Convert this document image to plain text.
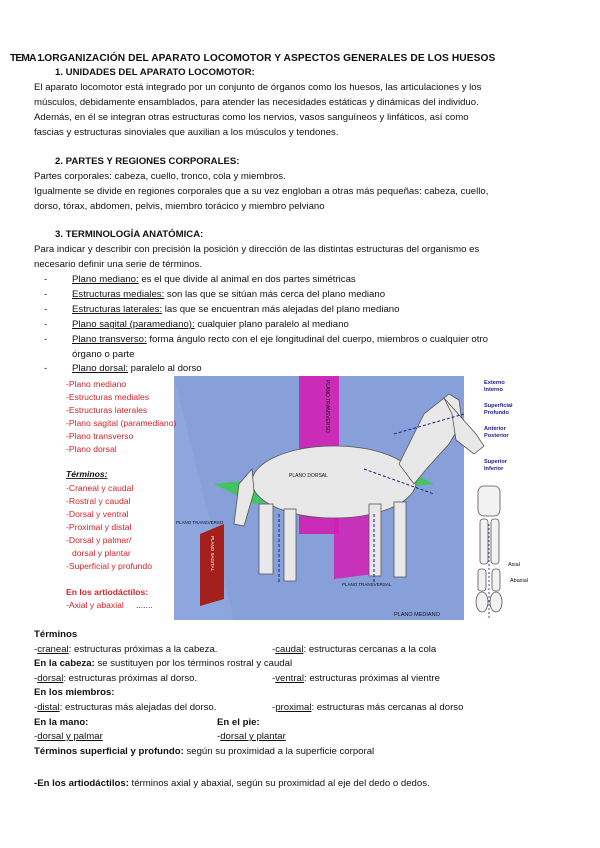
TEMA 1.ORGANIZACIÓN DEL APARATO LOCOMOTOR Y ASPECTOS GENERALES DE LOS HUESOS
1. UNIDADES DEL APARATO LOCOMOTOR:
El aparato locomotor está integrado por un conjunto de órganos como los huesos, las articulaciones y los
músculos, debidamente ensamblados, para atender las necesidades estáticas y dinámicas del individuo.
Además, en él se integran otras estructuras como los nervios, vasos sanguíneos y linfáticos, así como
fascias y estructuras sinoviales que auxilian a los músculos y tendones.
2. PARTES Y REGIONES CORPORALES:
Partes corporales: cabeza, cuello, tronco, cola y miembros.
Igualmente se divide en regiones corporales que a su vez engloban a otras más pequeñas: cabeza, cuello,
dorso, tórax, abdomen, pelvis, miembro torácico y miembro pelviano
3. TERMINOLOGÍA ANATÓMICA:
Para indicar y describir con precisión la posición y dirección de las distintas estructuras del organismo es
necesario definir una serie de términos.
-	Plano mediano: es el que divide al animal en dos partes simétricas
-	Estructuras mediales: son las que se sitúan más cerca del plano mediano
-	Estructuras laterales: las que se encuentran más alejadas del plano mediano
-	Plano sagital (paramediano): cualquier plano paralelo al mediano
-	Plano transverso: forma ángulo recto con el eje longitudinal del cuerpo, miembros o cualquier otro
órgano o parte
-	Plano dorsal: paralelo al dorso
PLANO MEDIANO
PLANO TRANSVERSO
PLANO DORSAL
PLANO TRANSVERSO
PLANO TRANSVERSAL
PLANO SAGITAL
-Plano mediano
-Estructuras mediales
-Estructuras laterales
-Plano sagital (paramediano)
-Plano transverso
-Plano dorsal
Términos:
-Craneal y caudal
-Rostral y caudal
-Dorsal y ventral
-Proximal y distal
-Dorsal y palmar/
dorsal y plantar
-Superficial y profundo
En los artiodáctilos:
-Axial y abaxial .......
Externo
Interno
Superficial
Profundo
Anterior
Posterior
Superior
Inferior
Axial
Abaxial
Términos
-craneal: estructuras próximas a la cabeza.	-caudal: estructuras cercanas a la cola
En la cabeza: se sustituyen por los términos rostral y caudal
-dorsal: estructuras próximas al dorso.	-ventral: estructuras próximas al vientre
En los miembros:
-distal: estructuras más alejadas del dorso.	-proximal: estructuras más cercanas al dorso
En la mano:	En el pie:
-dorsal y palmar	-dorsal y plantar
Términos superficial y profundo: según su proximidad a la superficie corporal
-En los artiodáctilos: términos axial y abaxial, según su proximidad al eje del dedo o dedos.
